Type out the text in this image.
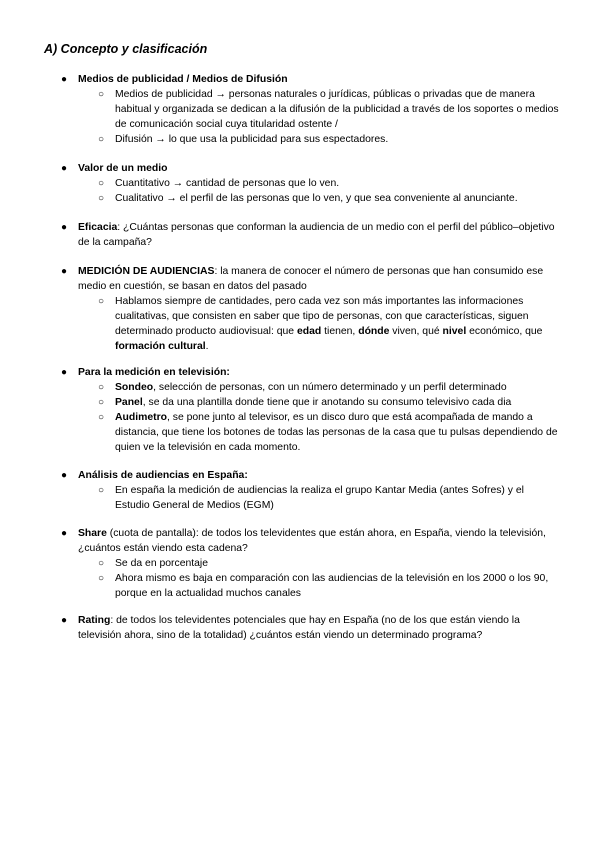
A) Concepto y clasificación
● Medios de publicidad / Medios de Difusión
○ Medios de publicidad → personas naturales o jurídicas, públicas o privadas que de manera habitual y organizada se dedican a la difusión de la publicidad a través de los soportes o medios de comunicación social cuya titularidad ostente /
○ Difusión → lo que usa la publicidad para sus espectadores.
● Valor de un medio
○ Cuantitativo → cantidad de personas que lo ven.
○ Cualitativo → el perfil de las personas que lo ven, y que sea conveniente al anunciante.
● Eficacia: ¿Cuántas personas que conforman la audiencia de un medio con el perfil del público–objetivo de la campaña?
● MEDICIÓN DE AUDIENCIAS: la manera de conocer el número de personas que han consumido ese medio en cuestión, se basan en datos del pasado
○ Hablamos siempre de cantidades, pero cada vez son más importantes las informaciones cualitativas, que consisten en saber que tipo de personas, con que características, siguen determinado producto audiovisual: que edad tienen, dónde viven, qué nivel económico, que formación cultural.
● Para la medición en televisión:
○ Sondeo, selección de personas, con un número determinado y un perfil determinado
○ Panel, se da una plantilla donde tiene que ir anotando su consumo televisivo cada dia
○ Audimetro, se pone junto al televisor, es un disco duro que está acompañada de mando a distancia, que tiene los botones de todas las personas de la casa que tu pulsas dependiendo de quien ve la televisión en cada momento.
● Análisis de audiencias en España:
○ En españa la medición de audiencias la realiza el grupo Kantar Media (antes Sofres) y el Estudio General de Medios (EGM)
● Share (cuota de pantalla): de todos los televidentes que están ahora, en España, viendo la televisión, ¿cuántos están viendo esta cadena?
○ Se da en porcentaje
○ Ahora mismo es baja en comparación con las audiencias de la televisión en los 2000 o los 90, porque en la actualidad muchos canales
● Rating: de todos los televidentes potenciales que hay en España (no de los que están viendo la televisión ahora, sino de la totalidad) ¿cuántos están viendo un determinado programa?
